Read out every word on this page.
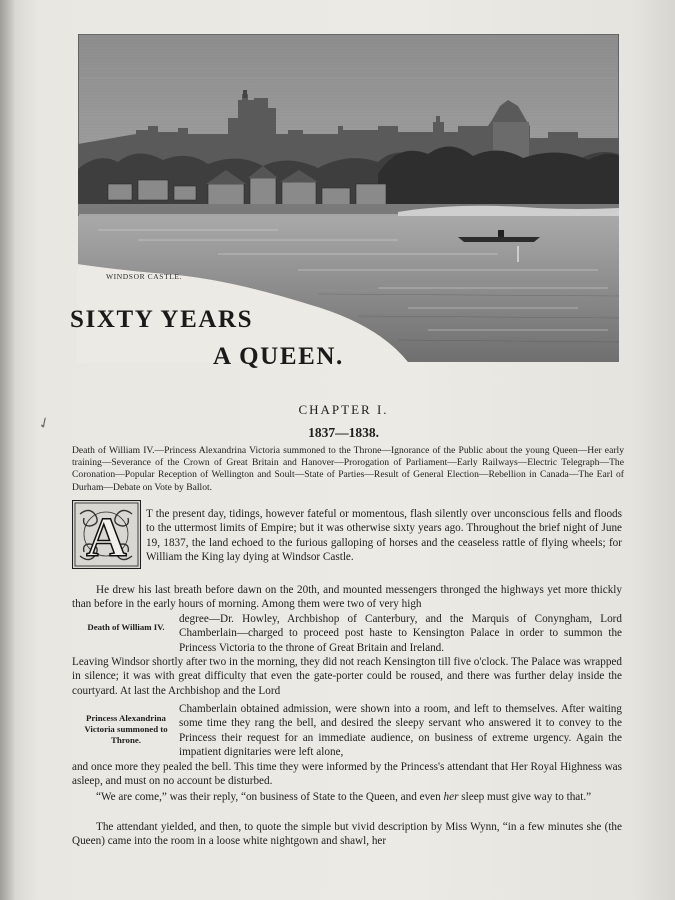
✓
WINDSOR CASTLE.
SIXTY YEARS
A QUEEN.
CHAPTER I.
1837—1838.
Death of William IV.—Princess Alexandrina Victoria summoned to the Throne—Ignorance of the Public about the young Queen—Her early training—Severance of the Crown of Great Britain and Hanover—Prorogation of Parliament—Early Railways—Electric Telegraph—The Coronation—Popular Reception of Wellington and Soult—State of Parties—Result of General Election—Rebellion in Canada—The Earl of Durham—Debate on Vote by Ballot.
A T the present day, tidings, however fateful or momentous, flash silently over unconscious fells and floods to the uttermost limits of Empire; but it was otherwise sixty years ago. Throughout the brief night of June 19, 1837, the land echoed to the furious galloping of horses and the ceaseless rattle of flying wheels; for William the King lay dying at Windsor Castle.
He drew his last breath before dawn on the 20th, and mounted messengers thronged the highways yet more thickly than before in the early hours of morning. Among them were two of very high
degree—Dr. Howley, Archbishop of Canterbury, and the Marquis of Conyngham, Lord Chamberlain—charged to proceed post haste to Kensington Palace in order to summon the Princess Victoria to the throne of Great Britain and Ireland.
Death of William IV.
Leaving Windsor shortly after two in the morning, they did not reach Kensington till five o'clock. The Palace was wrapped in silence; it was with great difficulty that even the gate-porter could be roused, and there was further delay inside the courtyard. At last the Archbishop and the Lord
Chamberlain obtained admission, were shown into a room, and left to themselves. After waiting some time they rang the bell, and desired the sleepy servant who answered it to convey to the Princess their request for an immediate audience, on business of extreme urgency. Again the impatient dignitaries were left alone,
Princess Alexandrina Victoria summoned to Throne.
and once more they pealed the bell. This time they were informed by the Princess's attendant that Her Royal Highness was asleep, and must on no account be disturbed.
“We are come,” was their reply, “on business of State to the Queen, and even her sleep must give way to that.”
The attendant yielded, and then, to quote the simple but vivid description by Miss Wynn, “in a few minutes she (the Queen) came into the room in a loose white nightgown and shawl, her
